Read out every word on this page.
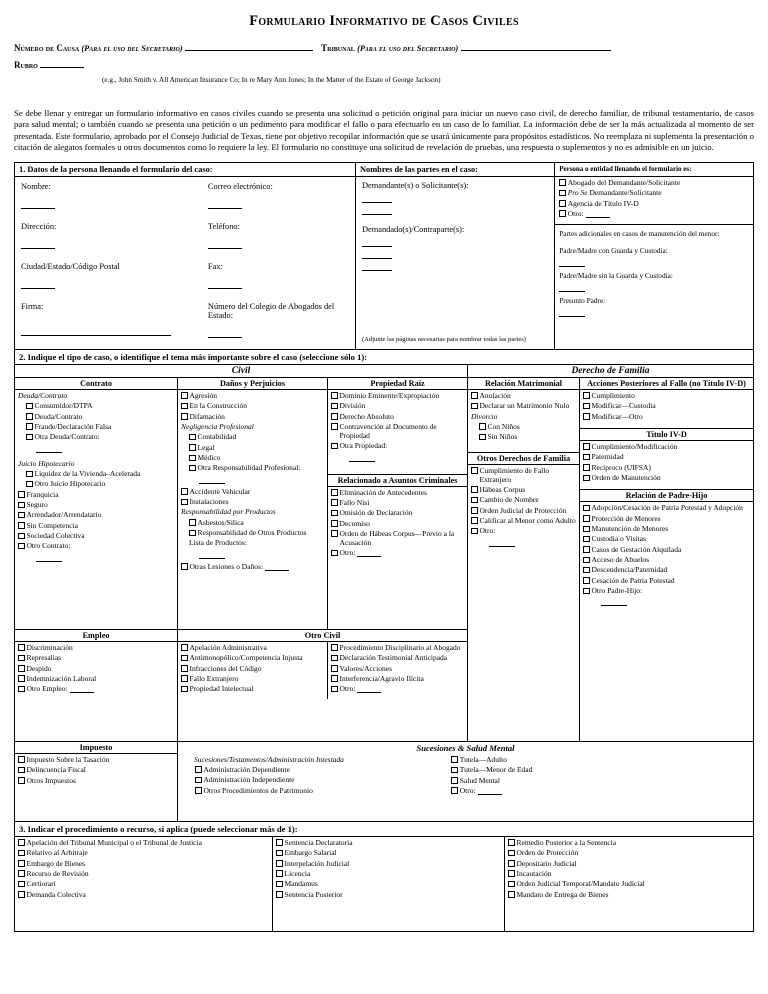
Formulario Informativo de Casos Civiles
Número de Causa (Para el uso del Secretario)	Tribunal (Para el uso del Secretario)
Rubro
(e.g., John Smith v. All American Insurance Co; In re Mary Ann Jones; In the Matter of the Estate of George Jackson)
Se debe llenar y entregar un formulario informativo en casos civiles cuando se presenta una solicitud o petición original para iniciar un nuevo caso civil, de derecho familiar, de tribunal testamentario, de casos para salud mental; o también cuando se presenta una petición o un pedimento para modificar el fallo o para efectuarlo en un caso de lo familiar. La información debe de ser la más actualizada al momento de ser presentada. Este formulario, aprobado por el Consejo Judicial de Texas, tiene por objetivo recopilar información que se usará únicamente para propósitos estadísticos. No reemplaza ni suplementa la presentación o citación de alegatos formales u otros documentos como lo requiere la ley. El formulario no constituye una solicitud de revelación de pruebas, una respuesta o suplementos y no es admisible en un juicio.
1. Datos de la persona llenando el formulario del caso:	Nombres de las partes en el caso:	Persona o entidad llenando el formulario es:
Nombre:	Correo electrónico:
Dirección:	Teléfono:
Ciudad/Estado/Código Postal	Fax:
Firma:	Número del Colegio de Abogados del Estado:
Demandante(s) o Solicitante(s):
Demandado(s)/Contraparte(s):
(Adjunte las páginas necesarias para nombrar todas las partes)
Abogado del Demandante/Solicitante
Pro Se Demandante/Solicitante
Agencia de Título IV-D
Otro:
Partes adicionales en casos de manutención del menor:
Padre/Madre con Guarda y Custodia:
Padre/Madre sin la Guarda y Custodia:
Presunto Padre:
2. Indique el tipo de caso, o identifique el tema más importante sobre el caso (seleccione sólo 1):
Civil	Derecho de Familia
Contrato
Deuda/Contrato
Consumidor/DTPA
Deuda/Contrato
Fraude/Declaración Falsa
Otra Deuda/Contrato:
Juicio Hipotecario
Liquidez de la Vivienda–Acelerada
Otro Juicio Hipotecario
Franquicia
Seguro
Arrendador/Arrendatario
Sin Competencia
Sociedad Colectiva
Otro Contrato:
Daños y Perjuicios
Agresión
En la Construcción
Difamación
Negligencia Profesional
Contabilidad
Legal
Médico
Otra Responsabilidad Profesional:
Accidente Vehicular
Instalaciones
Responsabilidad por Productos
Asbestos/Silica
Responsabilidad de Otros Productos
Lista de Productos:
Otras Lesiones o Daños:
Propiedad Raíz
Dominio Eminente/Expropiación
División
Derecho Absoluto
Contravención al Documento de Propiedad
Otra Propiedad:
Relacionado a Asuntos Criminales
Eliminación de Antecedentes
Fallo Nisi
Omisión de Declaración
Decomiso
Orden de Hábeas Corpus—Previo a la Acusación
Otro:
Relación Matrimonial
Anulación
Declarar un Matrimonio Nulo
Divorcio
Con Niños
Sin Niños
Otros Derechos de Familia
Cumplimiento de Fallo Extranjero
Hábeas Corpus
Cambio de Nombre
Orden Judicial de Protección
Calificar al Menor como Adulto
Otro:
Acciones Posteriores al Fallo (no Título IV-D)
Cumplimiento
Modificar—Custodia
Modificar—Otro
Título IV-D
Cumplimiento/Modificación
Paternidad
Recíproco (UIFSA)
Orden de Manutención
Relación de Padre-Hijo
Adopción/Cesación de Patria Potestad y Adopción
Protección de Menores
Manutención de Menores
Custodia o Visitas
Casos de Gestación Alquilada
Acceso de Abuelos
Descendencia/Paternidad
Cesación de Patria Potestad
Otro Padre-Hijo:
Empleo
Discriminación
Represalias
Despido
Indemnización Laboral
Otro Empleo:
Otro Civil
Apelación Administrativa
Antimonopólico/Competencia Injusta
Infracciones del Código
Fallo Extranjero
Propiedad Intelectual
Procedimiento Disciplinario al Abogado
Declaración Testimonial Anticipada
Valores/Acciones
Interferencia/Agravio Ilícita
Otro:
Impuesto
Impuesto Sobre la Tasación
Delincuencia Fiscal
Otros Impuestos
Sucesiones & Salud Mental
Sucesiones/Testamentos/Administración Intestada
Administración Dependiente
Administración Independiente
Otros Procedimientos de Patrimonio
Tutela—Adulto
Tutela—Menor de Edad
Salud Mental
Otro:
3. Indicar el procedimiento o recurso, si aplica (puede seleccionar más de 1):
Apelación del Tribunal Municipal o el Tribunal de Justicia
Relativo al Arbitraje
Embargo de Bienes
Recurso de Revisión
Certiorari
Demanda Colectiva
Sentencia Declaratoria
Embargo Salarial
Interpelación Judicial
Licencia
Mandamus
Sentencia Posterior
Remedio Posterior a la Sentencia
Orden de Protección
Depositario Judicial
Incautación
Orden Judicial Temporal/Mandato Judicial
Mandato de Entrega de Bienes
